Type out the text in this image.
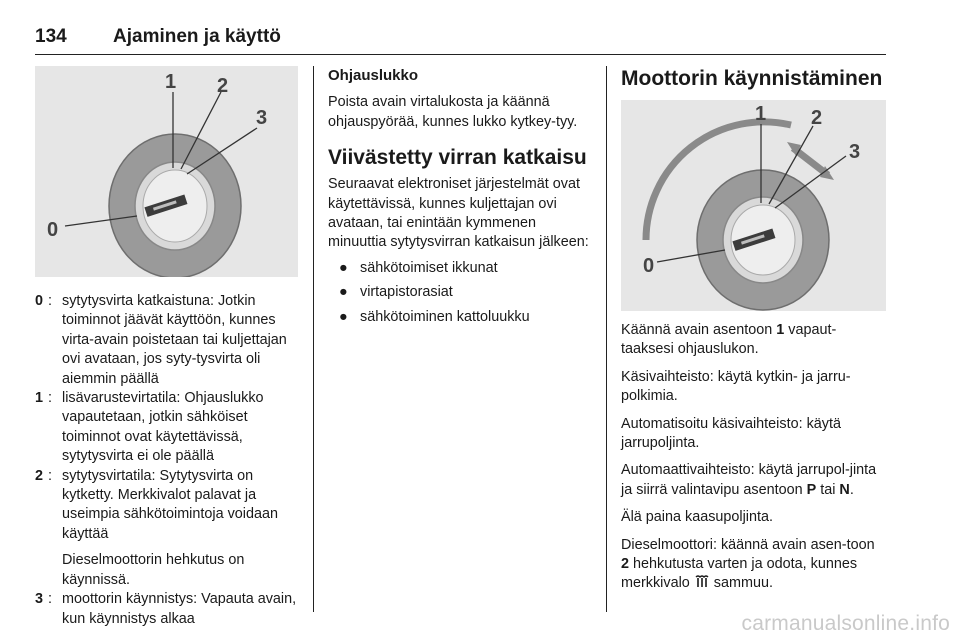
134 Ajaminen ja käyttö
0
1 2
3
0 : sytytysvirta katkaistuna: Jotkin toiminnot jäävät käyttöön, kunnes virta-avain poistetaan tai kuljettajan ovi avataan, jos syty-tysvirta oli aiemmin päällä
1 : lisävarustevirtatila: Ohjauslukko vapautetaan, jotkin sähköiset toiminnot ovat käytettävissä, sytytysvirta ei ole päällä
2 : sytytysvirtatila: Sytytysvirta on kytketty. Merkkivalot palavat ja useimpia sähkötoimintoja voidaan käyttää
Dieselmoottorin hehkutus on käynnissä.
3 : moottorin käynnistys: Vapauta avain, kun käynnistys alkaa
Ohjauslukko

Poista avain virtalukosta ja käännä ohjauspyörää, kunnes lukko kytkey-tyy.

Viivästetty virran katkaisu

Seuraavat elektroniset järjestelmät ovat käytettävissä, kunnes kuljettajan ovi avataan, tai enintään kymmenen minuuttia sytytysvirran katkaisun jälkeen:

● sähkötoimiset ikkunat
● virtapistorasiat
● sähkötoiminen kattoluukku
Moottorin käynnistäminen
0
1 2
3

Käännä avain asentoon 1 vapaut-taaksesi ohjauslukon.

Käsivaihteisto: käytä kytkin- ja jarru-polkimia.

Automatisoitu käsivaihteisto: käytä jarrupoljinta.

Automaattivaihteisto: käytä jarrupol-jinta ja siirrä valintavipu asentoon P tai N.

Älä paina kaasupoljinta.

Dieselmoottori: käännä avain asen-toon 2 hehkutusta varten ja odota, kunnes merkkivalo  sammuu.

carmanualsonline.info
